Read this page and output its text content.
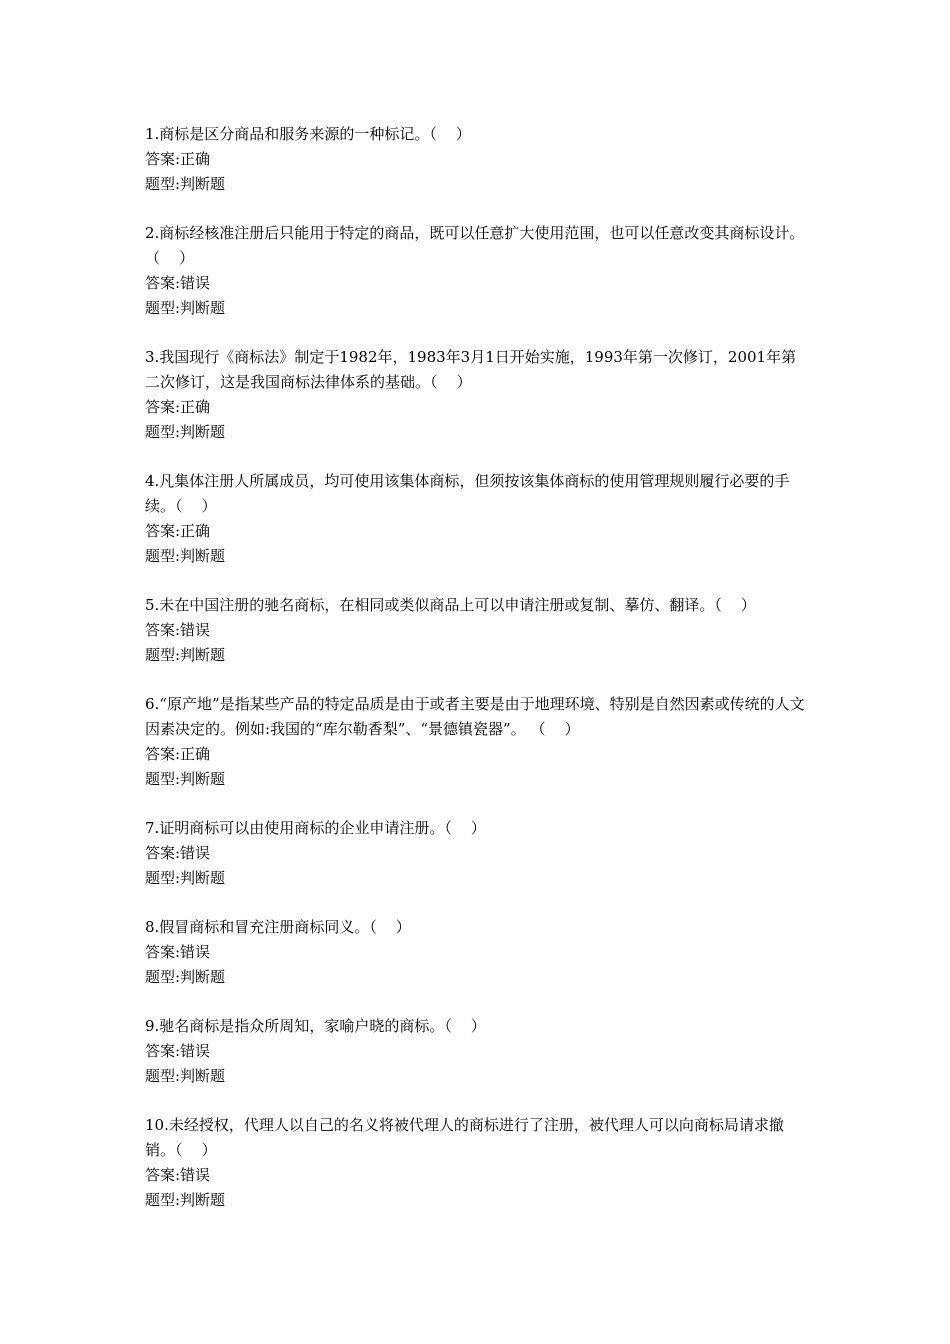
1.商标是区分商品和服务来源的一种标记。（    ）
答案:正确
题型:判断题
2.商标经核准注册后只能用于特定的商品，既可以任意扩大使用范围，也可以任意改变其商标设计。（    ）
答案:错误
题型:判断题
3.我国现行《商标法》制定于1982年，1983年3月1日开始实施，1993年第一次修订，2001年第二次修订，这是我国商标法律体系的基础。（    ）
答案:正确
题型:判断题
4.凡集体注册人所属成员，均可使用该集体商标，但须按该集体商标的使用管理规则履行必要的手续。（    ）
答案:正确
题型:判断题
5.未在中国注册的驰名商标，在相同或类似商品上可以申请注册或复制、摹仿、翻译。（    ）
答案:错误
题型:判断题
6.“原产地”是指某些产品的特定品质是由于或者主要是由于地理环境、特别是自然因素或传统的人文因素决定的。例如:我国的“库尔勒香梨”、“景德镇瓷器”。 （    ）
答案:正确
题型:判断题
7.证明商标可以由使用商标的企业申请注册。（    ）
答案:错误
题型:判断题
8.假冒商标和冒充注册商标同义。（    ）
答案:错误
题型:判断题
9.驰名商标是指众所周知，家喻户晓的商标。（    ）
答案:错误
题型:判断题
10.未经授权，代理人以自己的名义将被代理人的商标进行了注册，被代理人可以向商标局请求撤销。（    ）
答案:错误
题型:判断题
